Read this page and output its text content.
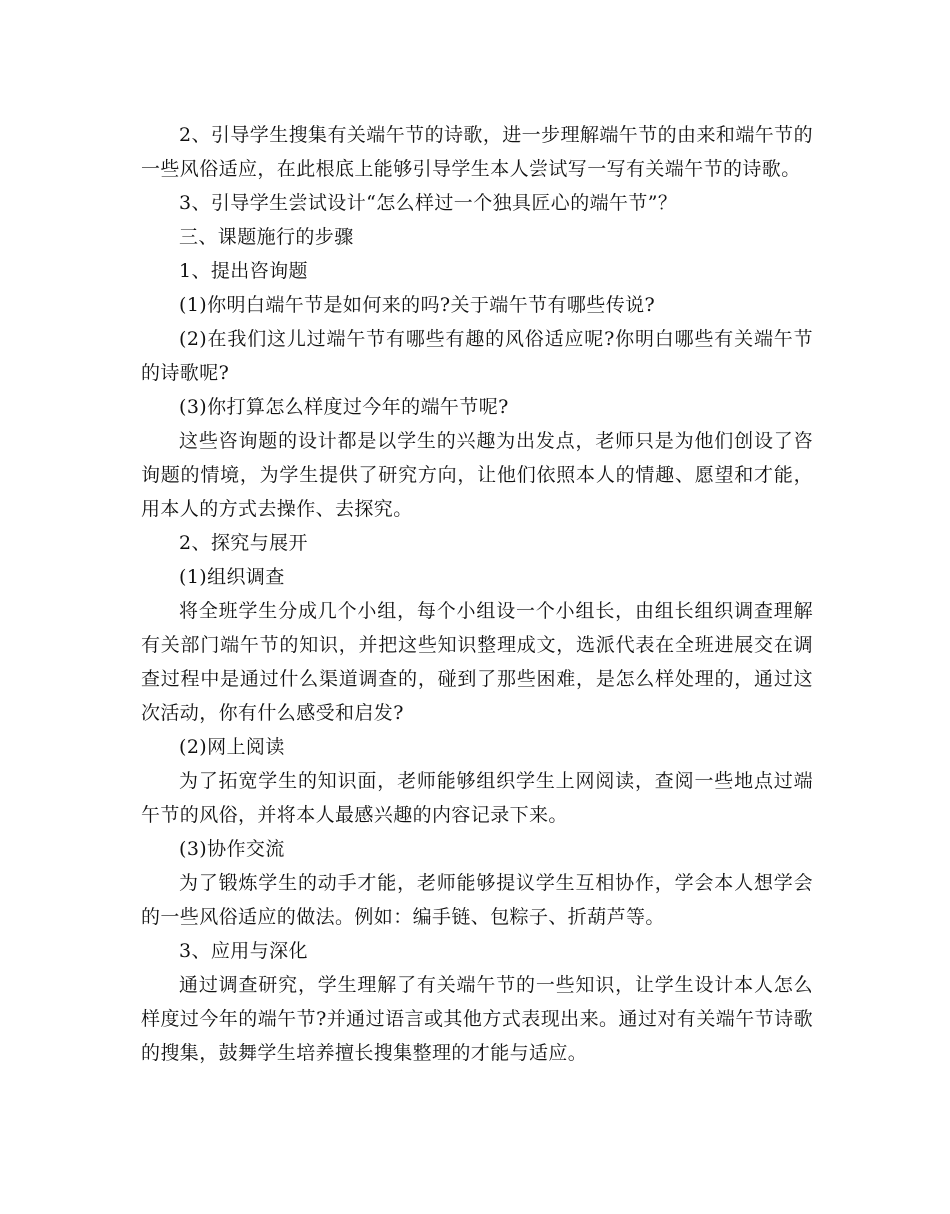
2、引导学生搜集有关端午节的诗歌，进一步理解端午节的由来和端午节的一些风俗适应，在此根底上能够引导学生本人尝试写一写有关端午节的诗歌。

3、引导学生尝试设计“怎么样过一个独具匠心的端午节”？

三、课题施行的步骤

1、提出咨询题

(1)你明白端午节是如何来的吗?关于端午节有哪些传说?

(2)在我们这儿过端午节有哪些有趣的风俗适应呢?你明白哪些有关端午节的诗歌呢?

(3)你打算怎么样度过今年的端午节呢?

这些咨询题的设计都是以学生的兴趣为出发点，老师只是为他们创设了咨询题的情境，为学生提供了研究方向，让他们依照本人的情趣、愿望和才能，用本人的方式去操作、去探究。

2、探究与展开

(1)组织调查

将全班学生分成几个小组，每个小组设一个小组长，由组长组织调查理解有关部门端午节的知识，并把这些知识整理成文，选派代表在全班进展交在调查过程中是通过什么渠道调查的，碰到了那些困难，是怎么样处理的，通过这次活动，你有什么感受和启发?

(2)网上阅读

为了拓宽学生的知识面，老师能够组织学生上网阅读，查阅一些地点过端午节的风俗，并将本人最感兴趣的内容记录下来。

(3)协作交流

为了锻炼学生的动手才能，老师能够提议学生互相协作，学会本人想学会的一些风俗适应的做法。例如：编手链、包粽子、折葫芦等。

3、应用与深化

通过调查研究，学生理解了有关端午节的一些知识，让学生设计本人怎么样度过今年的端午节?并通过语言或其他方式表现出来。通过对有关端午节诗歌的搜集，鼓舞学生培养擅长搜集整理的才能与适应。
